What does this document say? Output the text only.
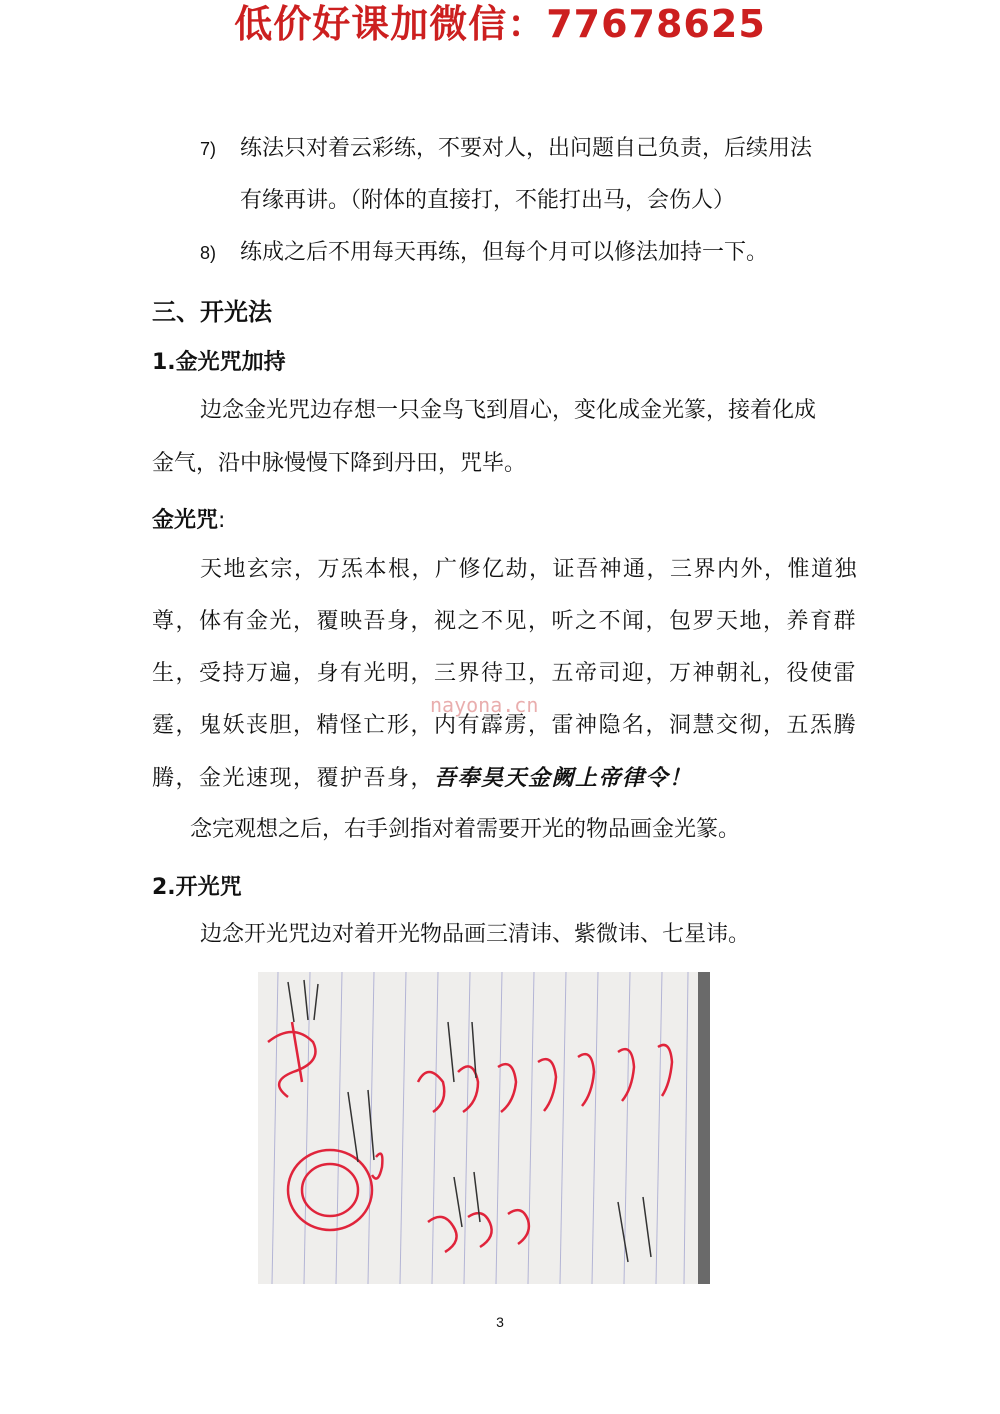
低价好课加微信：77678625
7) 练法只对着云彩练，不要对人，出问题自己负责，后续用法
有缘再讲。（附体的直接打，不能打出马，会伤人）
8) 练成之后不用每天再练，但每个月可以修法加持一下。
三、开光法
1.金光咒加持
边念金光咒边存想一只金鸟飞到眉心，变化成金光篆，接着化成
金气，沿中脉慢慢下降到丹田，咒毕。
金光咒:
天地玄宗，万炁本根，广修亿劫，证吾神通，三界内外，惟道独
尊，体有金光，覆映吾身，视之不见，听之不闻，包罗天地，养育群
生，受持万遍，身有光明，三界待卫，五帝司迎，万神朝礼，役使雷
霆，鬼妖丧胆，精怪亡形，内有霹雳，雷神隐名，洞慧交彻，五炁腾
腾，金光速现，覆护吾身，吾奉昊天金阙上帝律令！
nayona.cn
念完观想之后，右手剑指对着需要开光的物品画金光篆。
2.开光咒
边念开光咒边对着开光物品画三清讳、紫微讳、七星讳。
3
